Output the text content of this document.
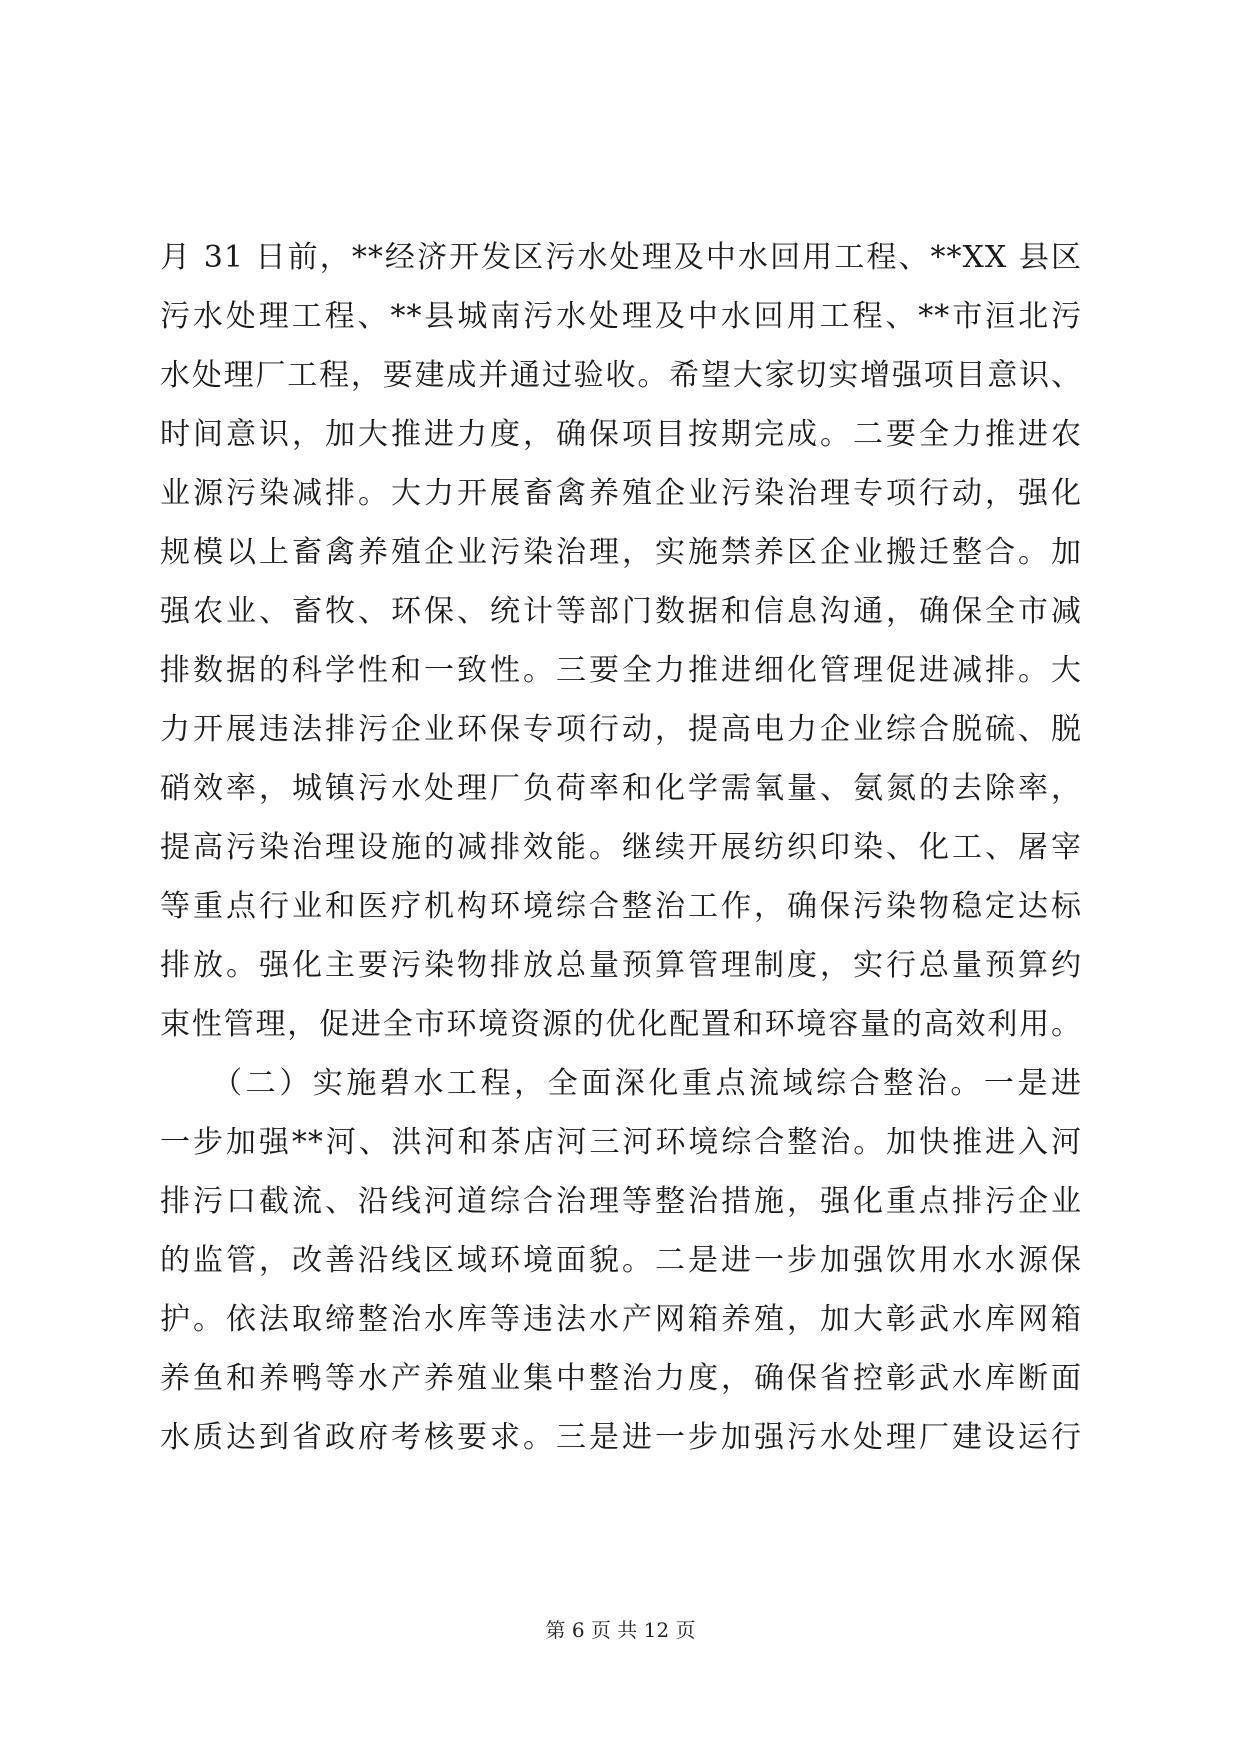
月 31 日前，**经济开发区污水处理及中水回用工程、**XX 县区
污水处理工程、**县城南污水处理及中水回用工程、**市洹北污
水处理厂工程，要建成并通过验收。希望大家切实增强项目意识、
时间意识，加大推进力度，确保项目按期完成。二要全力推进农
业源污染减排。大力开展畜禽养殖企业污染治理专项行动，强化
规模以上畜禽养殖企业污染治理，实施禁养区企业搬迁整合。加
强农业、畜牧、环保、统计等部门数据和信息沟通，确保全市减
排数据的科学性和一致性。三要全力推进细化管理促进减排。大
力开展违法排污企业环保专项行动，提高电力企业综合脱硫、脱
硝效率，城镇污水处理厂负荷率和化学需氧量、氨氮的去除率，
提高污染治理设施的减排效能。继续开展纺织印染、化工、屠宰
等重点行业和医疗机构环境综合整治工作，确保污染物稳定达标
排放。强化主要污染物排放总量预算管理制度，实行总量预算约
束性管理，促进全市环境资源的优化配置和环境容量的高效利用。
　　（二）实施碧水工程，全面深化重点流域综合整治。一是进
一步加强**河、洪河和茶店河三河环境综合整治。加快推进入河
排污口截流、沿线河道综合治理等整治措施，强化重点排污企业
的监管，改善沿线区域环境面貌。二是进一步加强饮用水水源保
护。依法取缔整治水库等违法水产网箱养殖，加大彰武水库网箱
养鱼和养鸭等水产养殖业集中整治力度，确保省控彰武水库断面
水质达到省政府考核要求。三是进一步加强污水处理厂建设运行
第 6 页 共 12 页
